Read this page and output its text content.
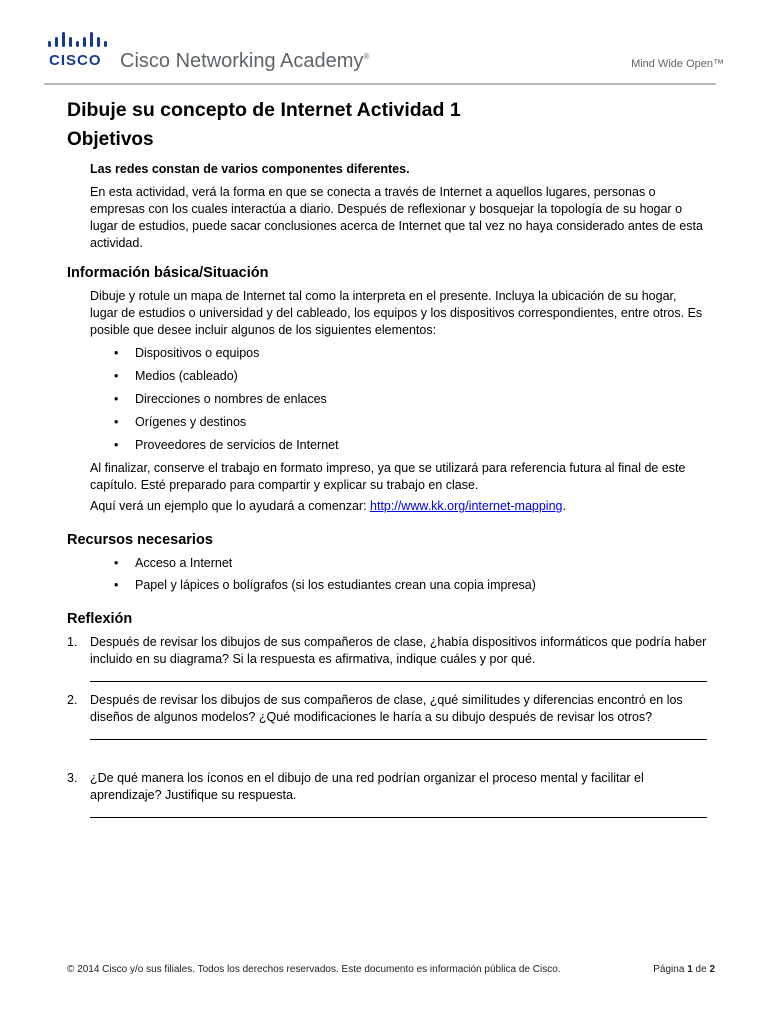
CISCO Cisco Networking Academy®
Mind Wide Open™
Dibuje su concepto de Internet Actividad 1
Objetivos

Las redes constan de varios componentes diferentes.

En esta actividad, verá la forma en que se conecta a través de Internet a aquellos lugares, personas o empresas con los cuales interactúa a diario. Después de reflexionar y bosquejar la topología de su hogar o lugar de estudios, puede sacar conclusiones acerca de Internet que tal vez no haya considerado antes de esta actividad.

Información básica/Situación

Dibuje y rotule un mapa de Internet tal como la interpreta en el presente. Incluya la ubicación de su hogar, lugar de estudios o universidad y del cableado, los equipos y los dispositivos correspondientes, entre otros. Es posible que desee incluir algunos de los siguientes elementos:

• Dispositivos o equipos
• Medios (cableado)
• Direcciones o nombres de enlaces
• Orígenes y destinos
• Proveedores de servicios de Internet

Al finalizar, conserve el trabajo en formato impreso, ya que se utilizará para referencia futura al final de este capítulo. Esté preparado para compartir y explicar su trabajo en clase.

Aquí verá un ejemplo que lo ayudará a comenzar: http://www.kk.org/internet-mapping.

Recursos necesarios
• Acceso a Internet
• Papel y lápices o bolígrafos (si los estudiantes crean una copia impresa)
Reflexión
1. Después de revisar los dibujos de sus compañeros de clase, ¿había dispositivos informáticos que podría haber incluido en su diagrama? Si la respuesta es afirmativa, indique cuáles y por qué.
2. Después de revisar los dibujos de sus compañeros de clase, ¿qué similitudes y diferencias encontró en los diseños de algunos modelos? ¿Qué modificaciones le haría a su dibujo después de revisar los otros?
3. ¿De qué manera los íconos en el dibujo de una red podrían organizar el proceso mental y facilitar el aprendizaje? Justifique su respuesta.
© 2014 Cisco y/o sus filiales. Todos los derechos reservados. Este documento es información pública de Cisco.	Página 1 de 2
